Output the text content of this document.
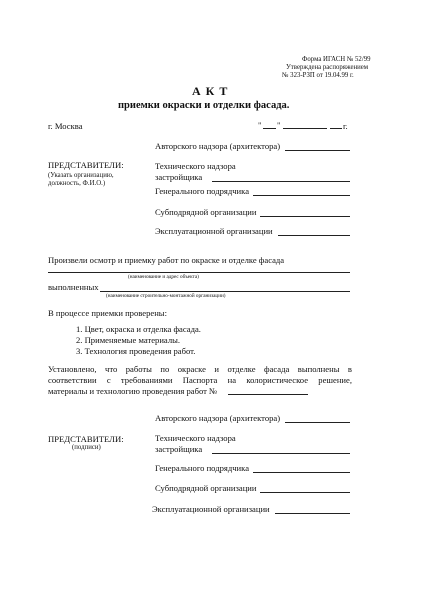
Форма ИГАСН № 52/99
Утверждена распоряжением
№ 323-РЗП от 19.04.99 г.
АКТ
приемки окраски и отделки фасада.
г. Москва	" "	г.
Авторского надзора (архитектора)
ПРЕДСТАВИТЕЛИ:
(Указать организацию,
должность, Ф.И.О.)
Технического надзора
застройщика
Генерального подрядчика
Субподрядной организации
Эксплуатационной организации
Произвели осмотр и приемку работ по окраске и отделке фасада
(наименование и адрес объекта)
выполненных
(наименование строительно-монтажной организации)
В процессе приемки проверены:
1. Цвет, окраска и отделка фасада.
2. Применяемые материалы.
3. Технология проведения работ.
Установлено, что работы по окраске и отделке фасада выполнены в
соответствии с требованиями Паспорта на колористическое решение,
материалы и технологию проведения работ №
Авторского надзора (архитектора)
ПРЕДСТАВИТЕЛИ:
(подписи)
Технического надзора
застройщика
Генерального подрядчика
Субподрядной организации
Эксплуатационной организации
